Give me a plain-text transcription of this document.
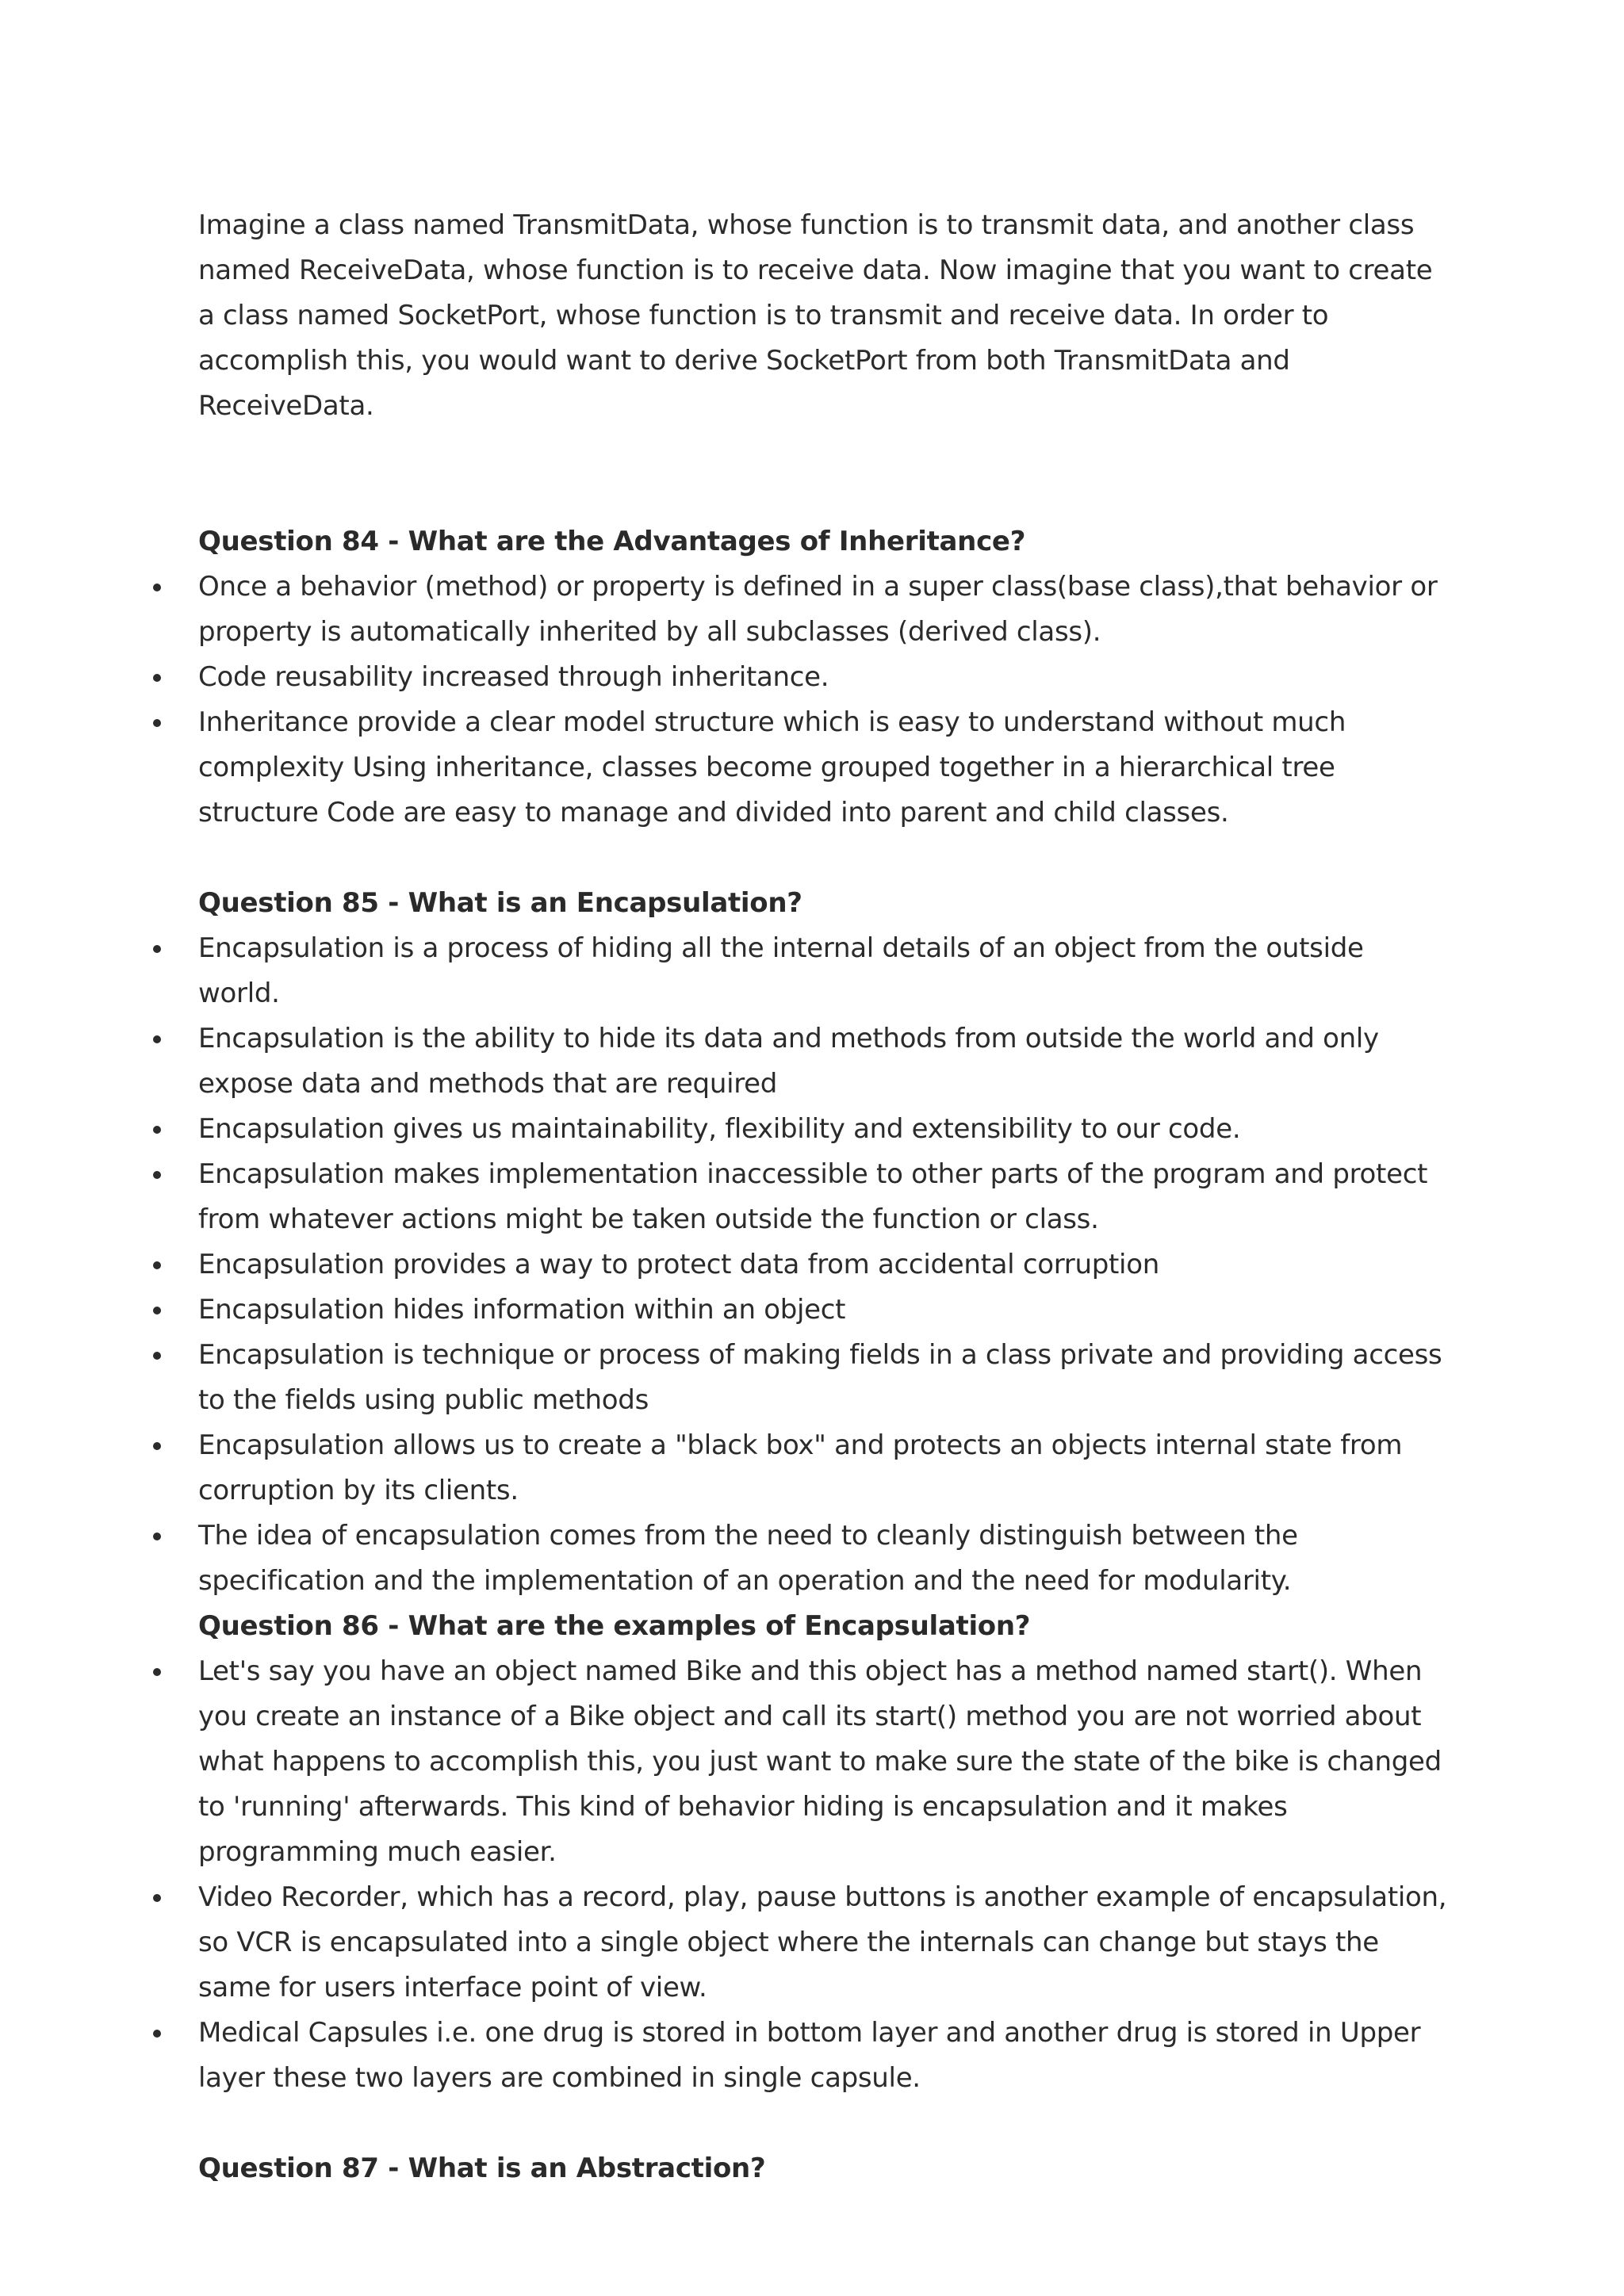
Imagine a class named TransmitData, whose function is to transmit data, and another class named ReceiveData, whose function is to receive data. Now imagine that you want to create a class named SocketPort, whose function is to transmit and receive data. In order to accomplish this, you would want to derive SocketPort from both TransmitData and ReceiveData.

Question 84 - What are the Advantages of Inheritance?
Once a behavior (method) or property is defined in a super class(base class),that behavior or property is automatically inherited by all subclasses (derived class).
Code reusability increased through inheritance.
Inheritance provide a clear model structure which is easy to understand without much complexity Using inheritance, classes become grouped together in a hierarchical tree structure Code are easy to manage and divided into parent and child classes.
Question 85 - What is an Encapsulation?
Encapsulation is a process of hiding all the internal details of an object from the outside world.
Encapsulation is the ability to hide its data and methods from outside the world and only expose data and methods that are required
Encapsulation gives us maintainability, flexibility and extensibility to our code.
Encapsulation makes implementation inaccessible to other parts of the program and protect from whatever actions might be taken outside the function or class.
Encapsulation provides a way to protect data from accidental corruption
Encapsulation hides information within an object
Encapsulation is technique or process of making fields in a class private and providing access to the fields using public methods
Encapsulation allows us to create a "black box" and protects an objects internal state from corruption by its clients.
The idea of encapsulation comes from the need to cleanly distinguish between the specification and the implementation of an operation and the need for modularity.
Question 86 - What are the examples of Encapsulation?
Let's say you have an object named Bike and this object has a method named start(). When you create an instance of a Bike object and call its start() method you are not worried about what happens to accomplish this, you just want to make sure the state of the bike is changed to 'running' afterwards. This kind of behavior hiding is encapsulation and it makes programming much easier.
Video Recorder, which has a record, play, pause buttons is another example of encapsulation, so VCR is encapsulated into a single object where the internals can change but stays the same for users interface point of view.
Medical Capsules i.e. one drug is stored in bottom layer and another drug is stored in Upper layer these two layers are combined in single capsule.
Question 87 - What is an Abstraction?
